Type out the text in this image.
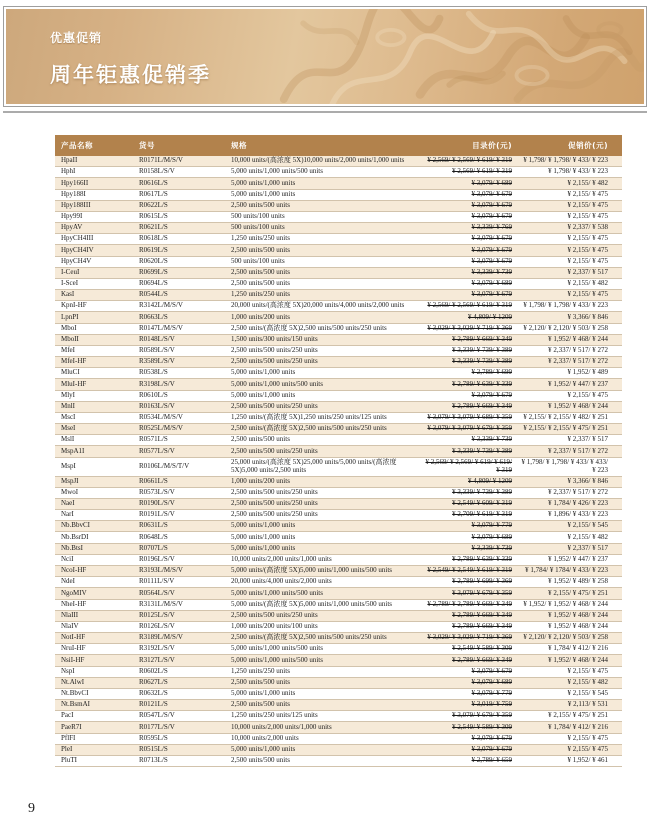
优惠促销
周年钜惠促销季
产品名称	货号	规格	目录价(元)	促销价(元)
HpaII	R0171L/M/S/V	10,000 units/(高浓度 5X)10,000 units/2,000 units/1,000 units	¥ 2,569/ ¥ 2,569/ ¥ 619/ ¥ 319	¥ 1,798/ ¥ 1,798/ ¥ 433/ ¥ 223
HphI	R0158L/S/V	5,000 units/1,000 units/500 units	¥ 2,569/ ¥ 619/ ¥ 319	¥ 1,798/ ¥ 433/ ¥ 223
Hpy166II	R0616L/S	5,000 units/1,000 units	¥ 3,079/ ¥ 689	¥ 2,155/ ¥ 482
Hpy188I	R0617L/S	5,000 units/1,000 units	¥ 3,079/ ¥ 679	¥ 2,155/ ¥ 475
Hpy188III	R0622L/S	2,500 units/500 units	¥ 3,079/ ¥ 679	¥ 2,155/ ¥ 475
Hpy99I	R0615L/S	500 units/100 units	¥ 3,079/ ¥ 679	¥ 2,155/ ¥ 475
HpyAV	R0621L/S	500 units/100 units	¥ 3,339/ ¥ 769	¥ 2,337/ ¥ 538
HpyCH4III	R0618L/S	1,250 units/250 units	¥ 3,079/ ¥ 679	¥ 2,155/ ¥ 475
HpyCH4IV	R0619L/S	2,500 units/500 units	¥ 3,079/ ¥ 679	¥ 2,155/ ¥ 475
HpyCH4V	R0620L/S	500 units/100 units	¥ 3,079/ ¥ 679	¥ 2,155/ ¥ 475
I-CeuI	R0699L/S	2,500 units/500 units	¥ 3,339/ ¥ 739	¥ 2,337/ ¥ 517
I-SceI	R0694L/S	2,500 units/500 units	¥ 3,079/ ¥ 689	¥ 2,155/ ¥ 482
KasI	R0544L/S	1,250 units/250 units	¥ 3,079/ ¥ 679	¥ 2,155/ ¥ 475
KpnI-HF	R3142L/M/S/V	20,000 units/(高浓度 5X)20,000 units/4,000 units/2,000 units	¥ 2,569/ ¥ 2,569/ ¥ 619/ ¥ 319	¥ 1,798/ ¥ 1,798/ ¥ 433/ ¥ 223
LpnPI	R0663L/S	1,000 units/200 units	¥ 4,809/ ¥ 1209	¥ 3,366/ ¥ 846
MboI	R0147L/M/S/V	2,500 units/(高浓度 5X)2,500 units/500 units/250 units	¥ 3,029/ ¥ 3,029/ ¥ 719/ ¥ 369	¥ 2,120/ ¥ 2,120/ ¥ 503/ ¥ 258
MboII	R0148L/S/V	1,500 units/300 units/150 units	¥ 2,789/ ¥ 669/ ¥ 349	¥ 1,952/ ¥ 468/ ¥ 244
MfeI	R0589L/S/V	2,500 units/500 units/250 units	¥ 3,339/ ¥ 739/ ¥ 389	¥ 2,337/ ¥ 517/ ¥ 272
MfeI-HF	R3589L/S/V	2,500 units/500 units/250 units	¥ 3,339/ ¥ 739/ ¥ 389	¥ 2,337/ ¥ 517/ ¥ 272
MluCI	R0538L/S	5,000 units/1,000 units	¥ 2,789/ ¥ 699	¥ 1,952/ ¥ 489
MluI-HF	R3198L/S/V	5,000 units/1,000 units/500 units	¥ 2,789/ ¥ 639/ ¥ 339	¥ 1,952/ ¥ 447/ ¥ 237
MlyI	R0610L/S	5,000 units/1,000 units	¥ 3,079/ ¥ 679	¥ 2,155/ ¥ 475
MnlI	R0163L/S/V	2,500 units/500 units/250 units	¥ 2,789/ ¥ 669/ ¥ 349	¥ 1,952/ ¥ 468/ ¥ 244
MscI	R0534L/M/S/V	1,250 units/(高浓度 5X)1,250 units/250 units/125 units	¥ 3,079/ ¥ 3,079/ ¥ 689/ ¥ 359	¥ 2,155/ ¥ 2,155/ ¥ 482/ ¥ 251
MseI	R0525L/M/S/V	2,500 units/(高浓度 5X)2,500 units/500 units/250 units	¥ 3,079/ ¥ 3,079/ ¥ 679/ ¥ 359	¥ 2,155/ ¥ 2,155/ ¥ 475/ ¥ 251
MslI	R0571L/S	2,500 units/500 units	¥ 3,339/ ¥ 739	¥ 2,337/ ¥ 517
MspA1I	R0577L/S/V	2,500 units/500 units/250 units	¥ 3,339/ ¥ 739/ ¥ 389	¥ 2,337/ ¥ 517/ ¥ 272
MspI	R0106L/M/S/T/V	25,000 units/(高浓度 5X)25,000 units/5,000 units/(高浓度 5X)5,000 units/2,500 units	¥ 2,569/ ¥ 2,569/ ¥ 619/ ¥ 619/ ¥ 319	¥ 1,798/ ¥ 1,798/ ¥ 433/ ¥ 433/ ¥ 223
MspJI	R0661L/S	1,000 units/200 units	¥ 4,809/ ¥ 1209	¥ 3,366/ ¥ 846
MwoI	R0573L/S/V	2,500 units/500 units/250 units	¥ 3,339/ ¥ 739/ ¥ 389	¥ 2,337/ ¥ 517/ ¥ 272
NaeI	R0190L/S/V	2,500 units/500 units/250 units	¥ 2,549/ ¥ 609/ ¥ 319	¥ 1,784/ ¥ 426/ ¥ 223
NarI	R0191L/S/V	2,500 units/500 units/250 units	¥ 2,709/ ¥ 619/ ¥ 319	¥ 1,896/ ¥ 433/ ¥ 223
Nb.BbvCI	R0631L/S	5,000 units/1,000 units	¥ 3,079/ ¥ 779	¥ 2,155/ ¥ 545
Nb.BsrDI	R0648L/S	5,000 units/1,000 units	¥ 3,079/ ¥ 689	¥ 2,155/ ¥ 482
Nb.BtsI	R0707L/S	5,000 units/1,000 units	¥ 3,339/ ¥ 739	¥ 2,337/ ¥ 517
NciI	R0196L/S/V	10,000 units/2,000 units/1,000 units	¥ 2,789/ ¥ 639/ ¥ 339	¥ 1,952/ ¥ 447/ ¥ 237
NcoI-HF	R3193L/M/S/V	5,000 units/(高浓度 5X)5,000 units/1,000 units/500 units	¥ 2,549/ ¥ 2,549/ ¥ 619/ ¥ 319	¥ 1,784/ ¥ 1784/ ¥ 433/ ¥ 223
NdeI	R0111L/S/V	20,000 units/4,000 units/2,000 units	¥ 2,789/ ¥ 699/ ¥ 369	¥ 1,952/ ¥ 489/ ¥ 258
NgoMIV	R0564L/S/V	5,000 units/1,000 units/500 units	¥ 3,079/ ¥ 679/ ¥ 359	¥ 2,155/ ¥ 475/ ¥ 251
NheI-HF	R3131L/M/S/V	5,000 units/(高浓度 5X)5,000 units/1,000 units/500 units	¥ 2,789/ ¥ 2,789/ ¥ 669/ ¥ 349	¥ 1,952/ ¥ 1,952/ ¥ 468/ ¥ 244
NlaIII	R0125L/S/V	2,500 units/500 units/250 units	¥ 2,789/ ¥ 669/ ¥ 349	¥ 1,952/ ¥ 468/ ¥ 244
NlaIV	R0126L/S/V	1,000 units/200 units/100 units	¥ 2,789/ ¥ 669/ ¥ 349	¥ 1,952/ ¥ 468/ ¥ 244
NotI-HF	R3189L/M/S/V	2,500 units/(高浓度 5X)2,500 units/500 units/250 units	¥ 3,029/ ¥ 3,029/ ¥ 719/ ¥ 369	¥ 2,120/ ¥ 2,120/ ¥ 503/ ¥ 258
NruI-HF	R3192L/S/V	5,000 units/1,000 units/500 units	¥ 2,549/ ¥ 589/ ¥ 309	¥ 1,784/ ¥ 412/ ¥ 216
NsiI-HF	R3127L/S/V	5,000 units/1,000 units/500 units	¥ 2,789/ ¥ 669/ ¥ 349	¥ 1,952/ ¥ 468/ ¥ 244
NspI	R0602L/S	1,250 units/250 units	¥ 3,079/ ¥ 679	¥ 2,155/ ¥ 475
Nt.AlwI	R0627L/S	2,500 units/500 units	¥ 3,079/ ¥ 689	¥ 2,155/ ¥ 482
Nt.BbvCI	R0632L/S	5,000 units/1,000 units	¥ 3,079/ ¥ 779	¥ 2,155/ ¥ 545
Nt.BsmAI	R0121L/S	2,500 units/500 units	¥ 3,019/ ¥ 759	¥ 2,113/ ¥ 531
PacI	R0547L/S/V	1,250 units/250 units/125 units	¥ 3,079/ ¥ 679/ ¥ 359	¥ 2,155/ ¥ 475/ ¥ 251
PaeR7I	R0177L/S/V	10,000 units/2,000 units/1,000 units	¥ 2,549/ ¥ 589/ ¥ 309	¥ 1,784/ ¥ 412/ ¥ 216
PflFI	R0595L/S	10,000 units/2,000 units	¥ 3,079/ ¥ 679	¥ 2,155/ ¥ 475
PleI	R0515L/S	5,000 units/1,000 units	¥ 3,079/ ¥ 679	¥ 2,155/ ¥ 475
PluTI	R0713L/S	2,500 units/500 units	¥ 2,789/ ¥ 659	¥ 1,952/ ¥ 461
9
